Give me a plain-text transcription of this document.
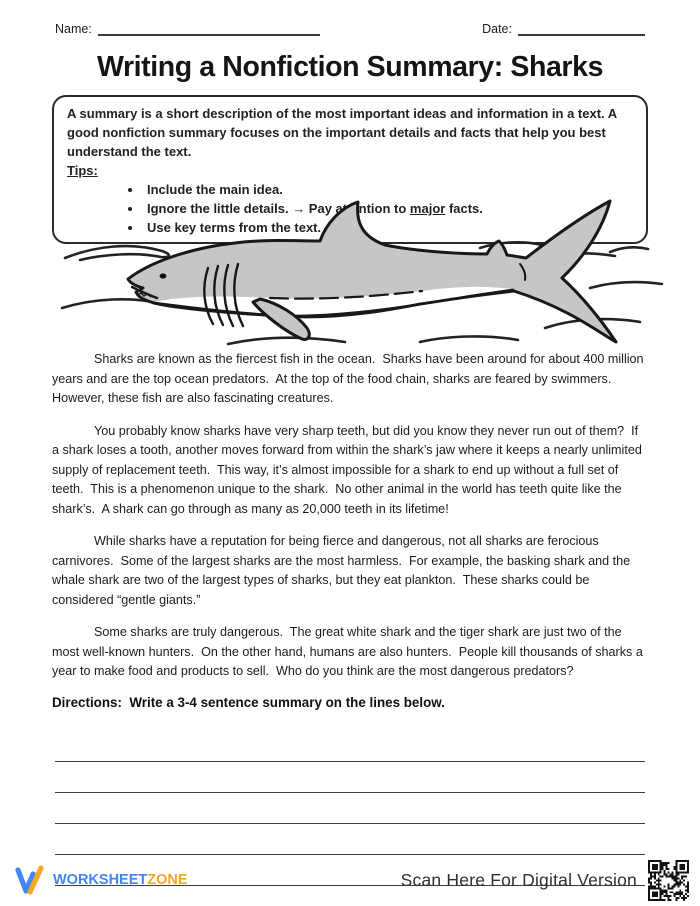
Name:	Date:
Writing a Nonfiction Summary: Sharks
A summary is a short description of the most important ideas and information in a text. A good nonfiction summary focuses on the important details and facts that help you best understand the text.
Tips:
• Include the main idea.
• Ignore the little details. → Pay attention to major facts.
• Use key terms from the text.

Sharks are known as the fiercest fish in the ocean.  Sharks have been around for about 400 million years and are the top ocean predators.  At the top of the food chain, sharks are feared by swimmers.  However, these fish are also fascinating creatures.

You probably know sharks have very sharp teeth, but did you know they never run out of them?  If a shark loses a tooth, another moves forward from within the shark’s jaw where it keeps a nearly unlimited supply of replacement teeth.  This way, it’s almost impossible for a shark to end up without a full set of teeth.  This is a phenomenon unique to the shark.  No other animal in the world has teeth quite like the shark’s.  A shark can go through as many as 20,000 teeth in its lifetime!

While sharks have a reputation for being fierce and dangerous, not all sharks are ferocious carnivores.  Some of the largest sharks are the most harmless.  For example, the basking shark and the whale shark are two of the largest types of sharks, but they eat plankton.  These sharks could be considered “gentle giants.”

Some sharks are truly dangerous.  The great white shark and the tiger shark are just two of the most well-known hunters.  On the other hand, humans are also hunters.  People kill thousands of sharks a year to make food and products to sell.  Who do you think are the most dangerous predators?

Directions:  Write a 3-4 sentence summary on the lines below.
WORKSHEETZONE	Scan Here For Digital Version
